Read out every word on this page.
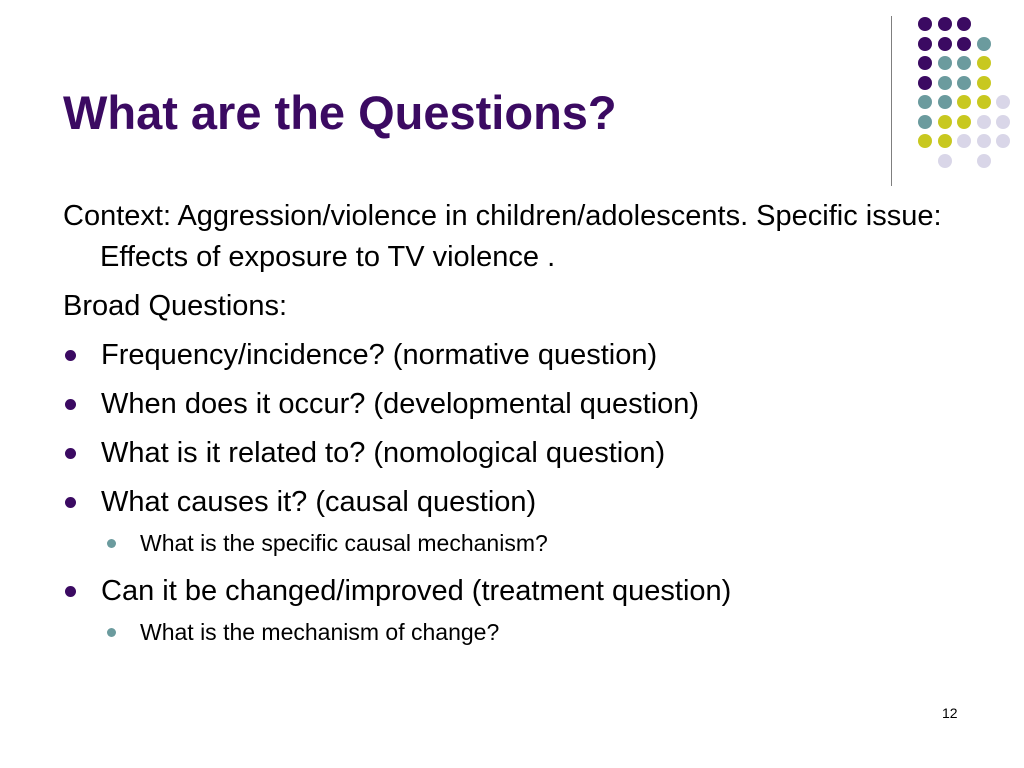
What are the Questions?
Context: Aggression/violence in children/adolescents. Specific issue: Effects of exposure to TV violence .
Broad Questions:
Frequency/incidence? (normative question)
When does it occur? (developmental question)
What is it related to? (nomological question)
What causes it? (causal question)
What is the specific causal mechanism?
Can it be changed/improved (treatment question)
What is the mechanism of change?
12
